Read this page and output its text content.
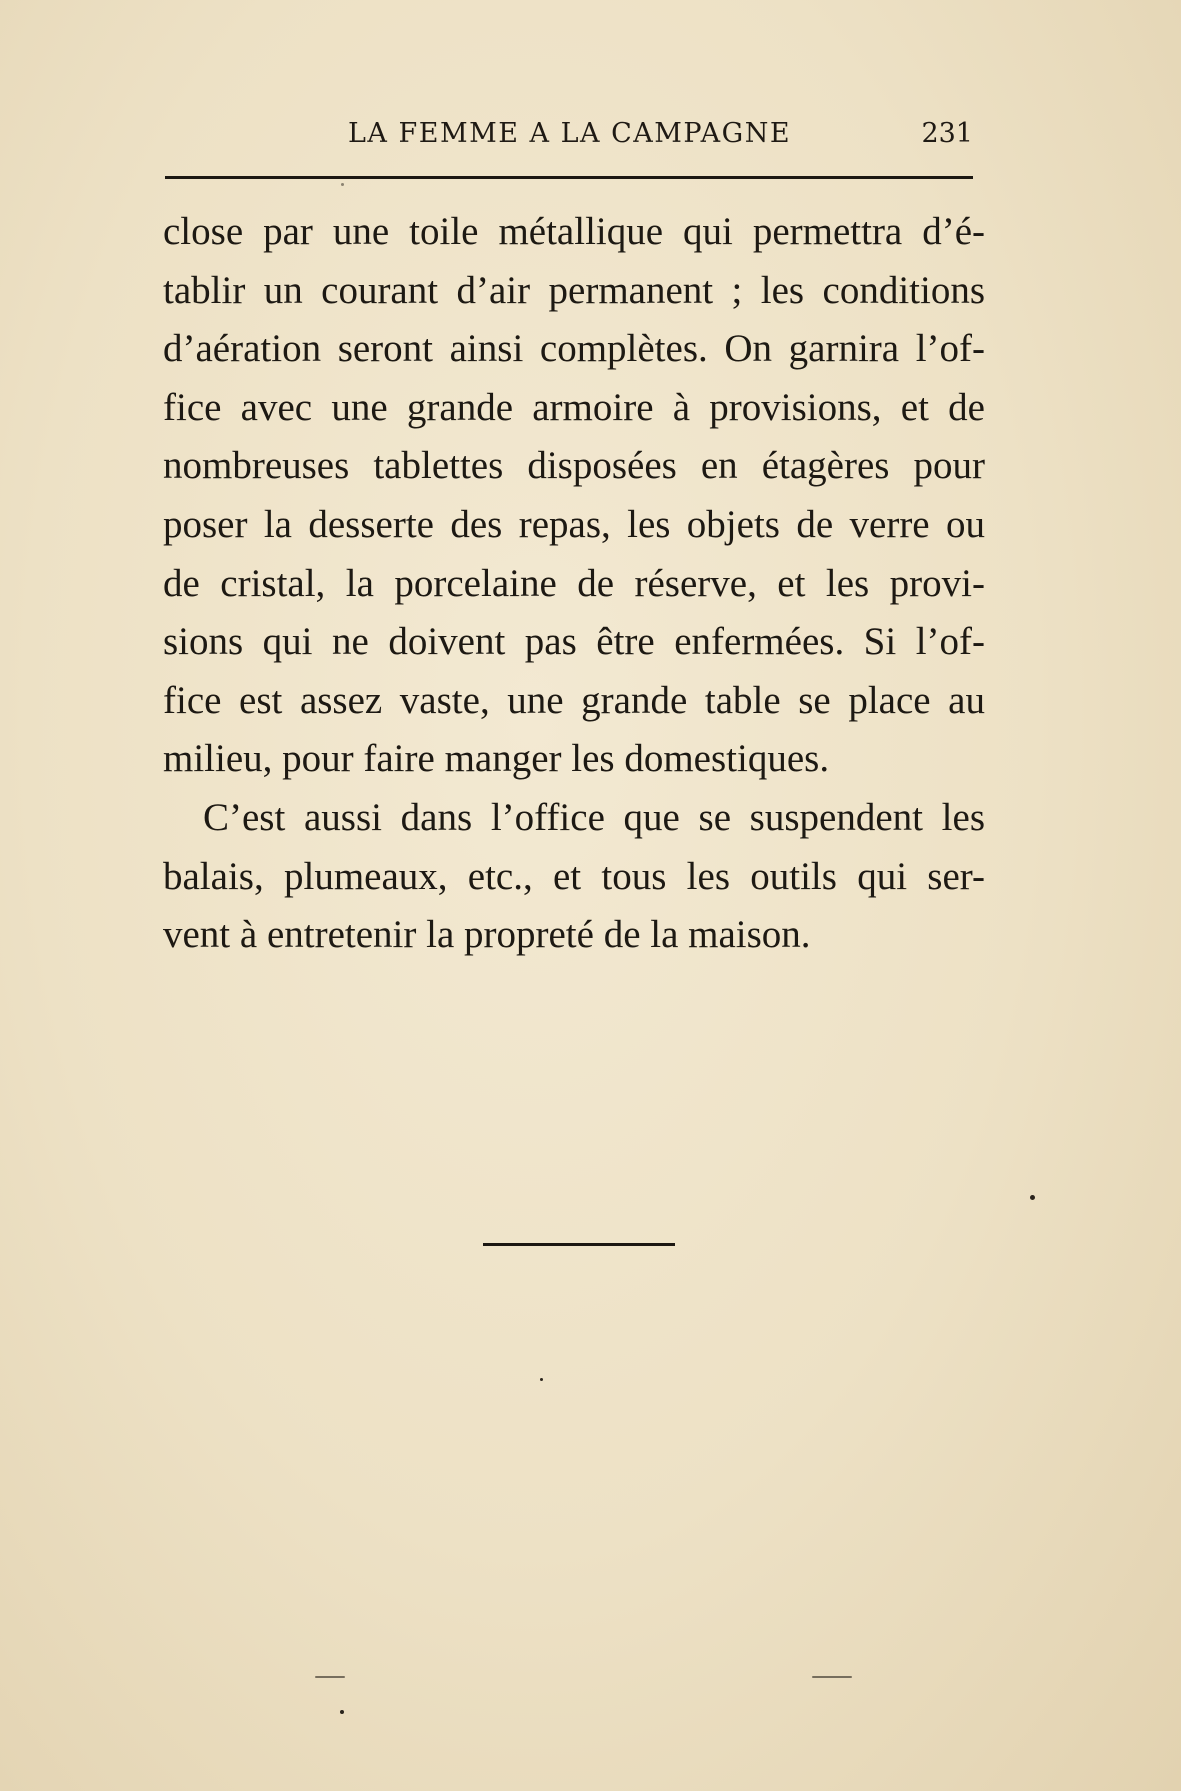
LA FEMME A LA CAMPAGNE	231
close par une toile métallique qui permettra d’é-
tablir un courant d’air permanent ; les conditions
d’aération seront ainsi complètes. On garnira l’of-
fice avec une grande armoire à provisions, et de
nombreuses tablettes disposées en étagères pour
poser la desserte des repas, les objets de verre ou
de cristal, la porcelaine de réserve, et les provi-
sions qui ne doivent pas être enfermées. Si l’of-
fice est assez vaste, une grande table se place au
milieu, pour faire manger les domestiques.
C’est aussi dans l’office que se suspendent les
balais, plumeaux, etc., et tous les outils qui ser-
vent à entretenir la propreté de la maison.
